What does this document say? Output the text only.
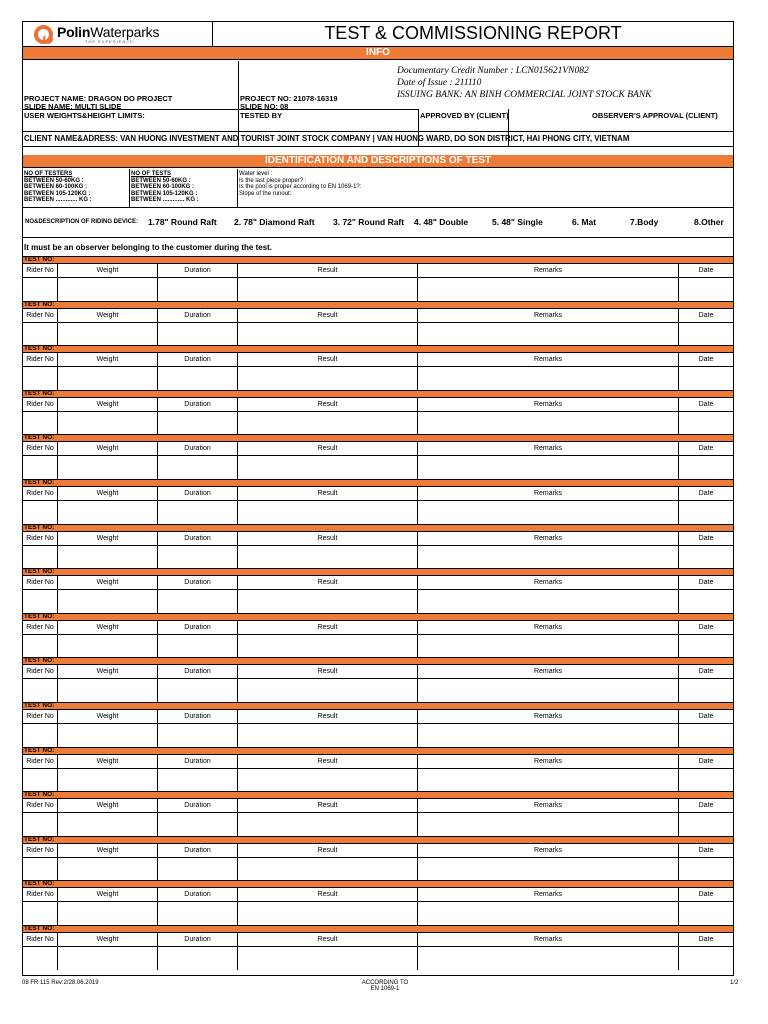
PolinWaterparks
THE EXPERIENCE	TEST & COMMISSIONING REPORT
INFO
Documentary Credit Number : LCN015621VN082
Date of Issue : 211110
ISSUING BANK: AN BINH COMMERCIAL JOINT STOCK BANK
PROJECT NAME: DRAGON DO PROJECT
SLIDE NAME: MULTI SLIDE
USER WEIGHTS&HEIGHT LIMITS:
PROJECT NO: 21078-16319
SLIDE NO: 08
TESTED BY	APPROVED BY (CLIENT)	OBSERVER'S APPROVAL (CLIENT)
CLIENT NAME&ADRESS: VAN HUONG INVESTMENT AND TOURIST JOINT STOCK COMPANY | VAN HUONG WARD, DO SON DISTRICT, HAI PHONG CITY, VIETNAM
IDENTIFICATION AND DESCRIPTIONS OF TEST
NO OF TESTERS
BETWEEN 50-60KG :
BETWEEN 60-100KG :
BETWEEN 105-120KG :
BETWEEN ............. KG :
NO OF TESTS
BETWEEN 50-60KG :
BETWEEN 60-100KG :
BETWEEN 105-120KG :
BETWEEN ............. KG :
Water level :
Is the last piece proper? :
Is the pool is proper according to EN 1069-1?:
Slope of the runout:
NO&DESCRIPTION OF RIDING DEVICE: 1.78" Round Raft 2. 78" Diamond Raft 3. 72" Round Raft 4. 48" Double	5. 48" Single	6. Mat	7.Body	8.Other
It must be an observer belonging to the customer during the test.
TEST NO:
Rider No	Weight	Duration	Result	Remarks	Date
TEST NO:
Rider No	Weight	Duration	Result	Remarks	Date
TEST NO:
Rider No	Weight	Duration	Result	Remarks	Date
TEST NO:
Rider No	Weight	Duration	Result	Remarks	Date
TEST NO:
Rider No	Weight	Duration	Result	Remarks	Date
TEST NO:
Rider No	Weight	Duration	Result	Remarks	Date
TEST NO:
Rider No	Weight	Duration	Result	Remarks	Date
TEST NO:
Rider No	Weight	Duration	Result	Remarks	Date
TEST NO:
Rider No	Weight	Duration	Result	Remarks	Date
TEST NO:
Rider No	Weight	Duration	Result	Remarks	Date
TEST NO:
Rider No	Weight	Duration	Result	Remarks	Date
TEST NO:
Rider No	Weight	Duration	Result	Remarks	Date
TEST NO:
Rider No	Weight	Duration	Result	Remarks	Date
TEST NO:
Rider No	Weight	Duration	Result	Remarks	Date
TEST NO:
Rider No	Weight	Duration	Result	Remarks	Date
TEST NO:
Rider No	Weight	Duration	Result	Remarks	Date
08 FR 115 Rev:2/28.06.2019	ACCORDING TO
EN 1069-1
1/2
